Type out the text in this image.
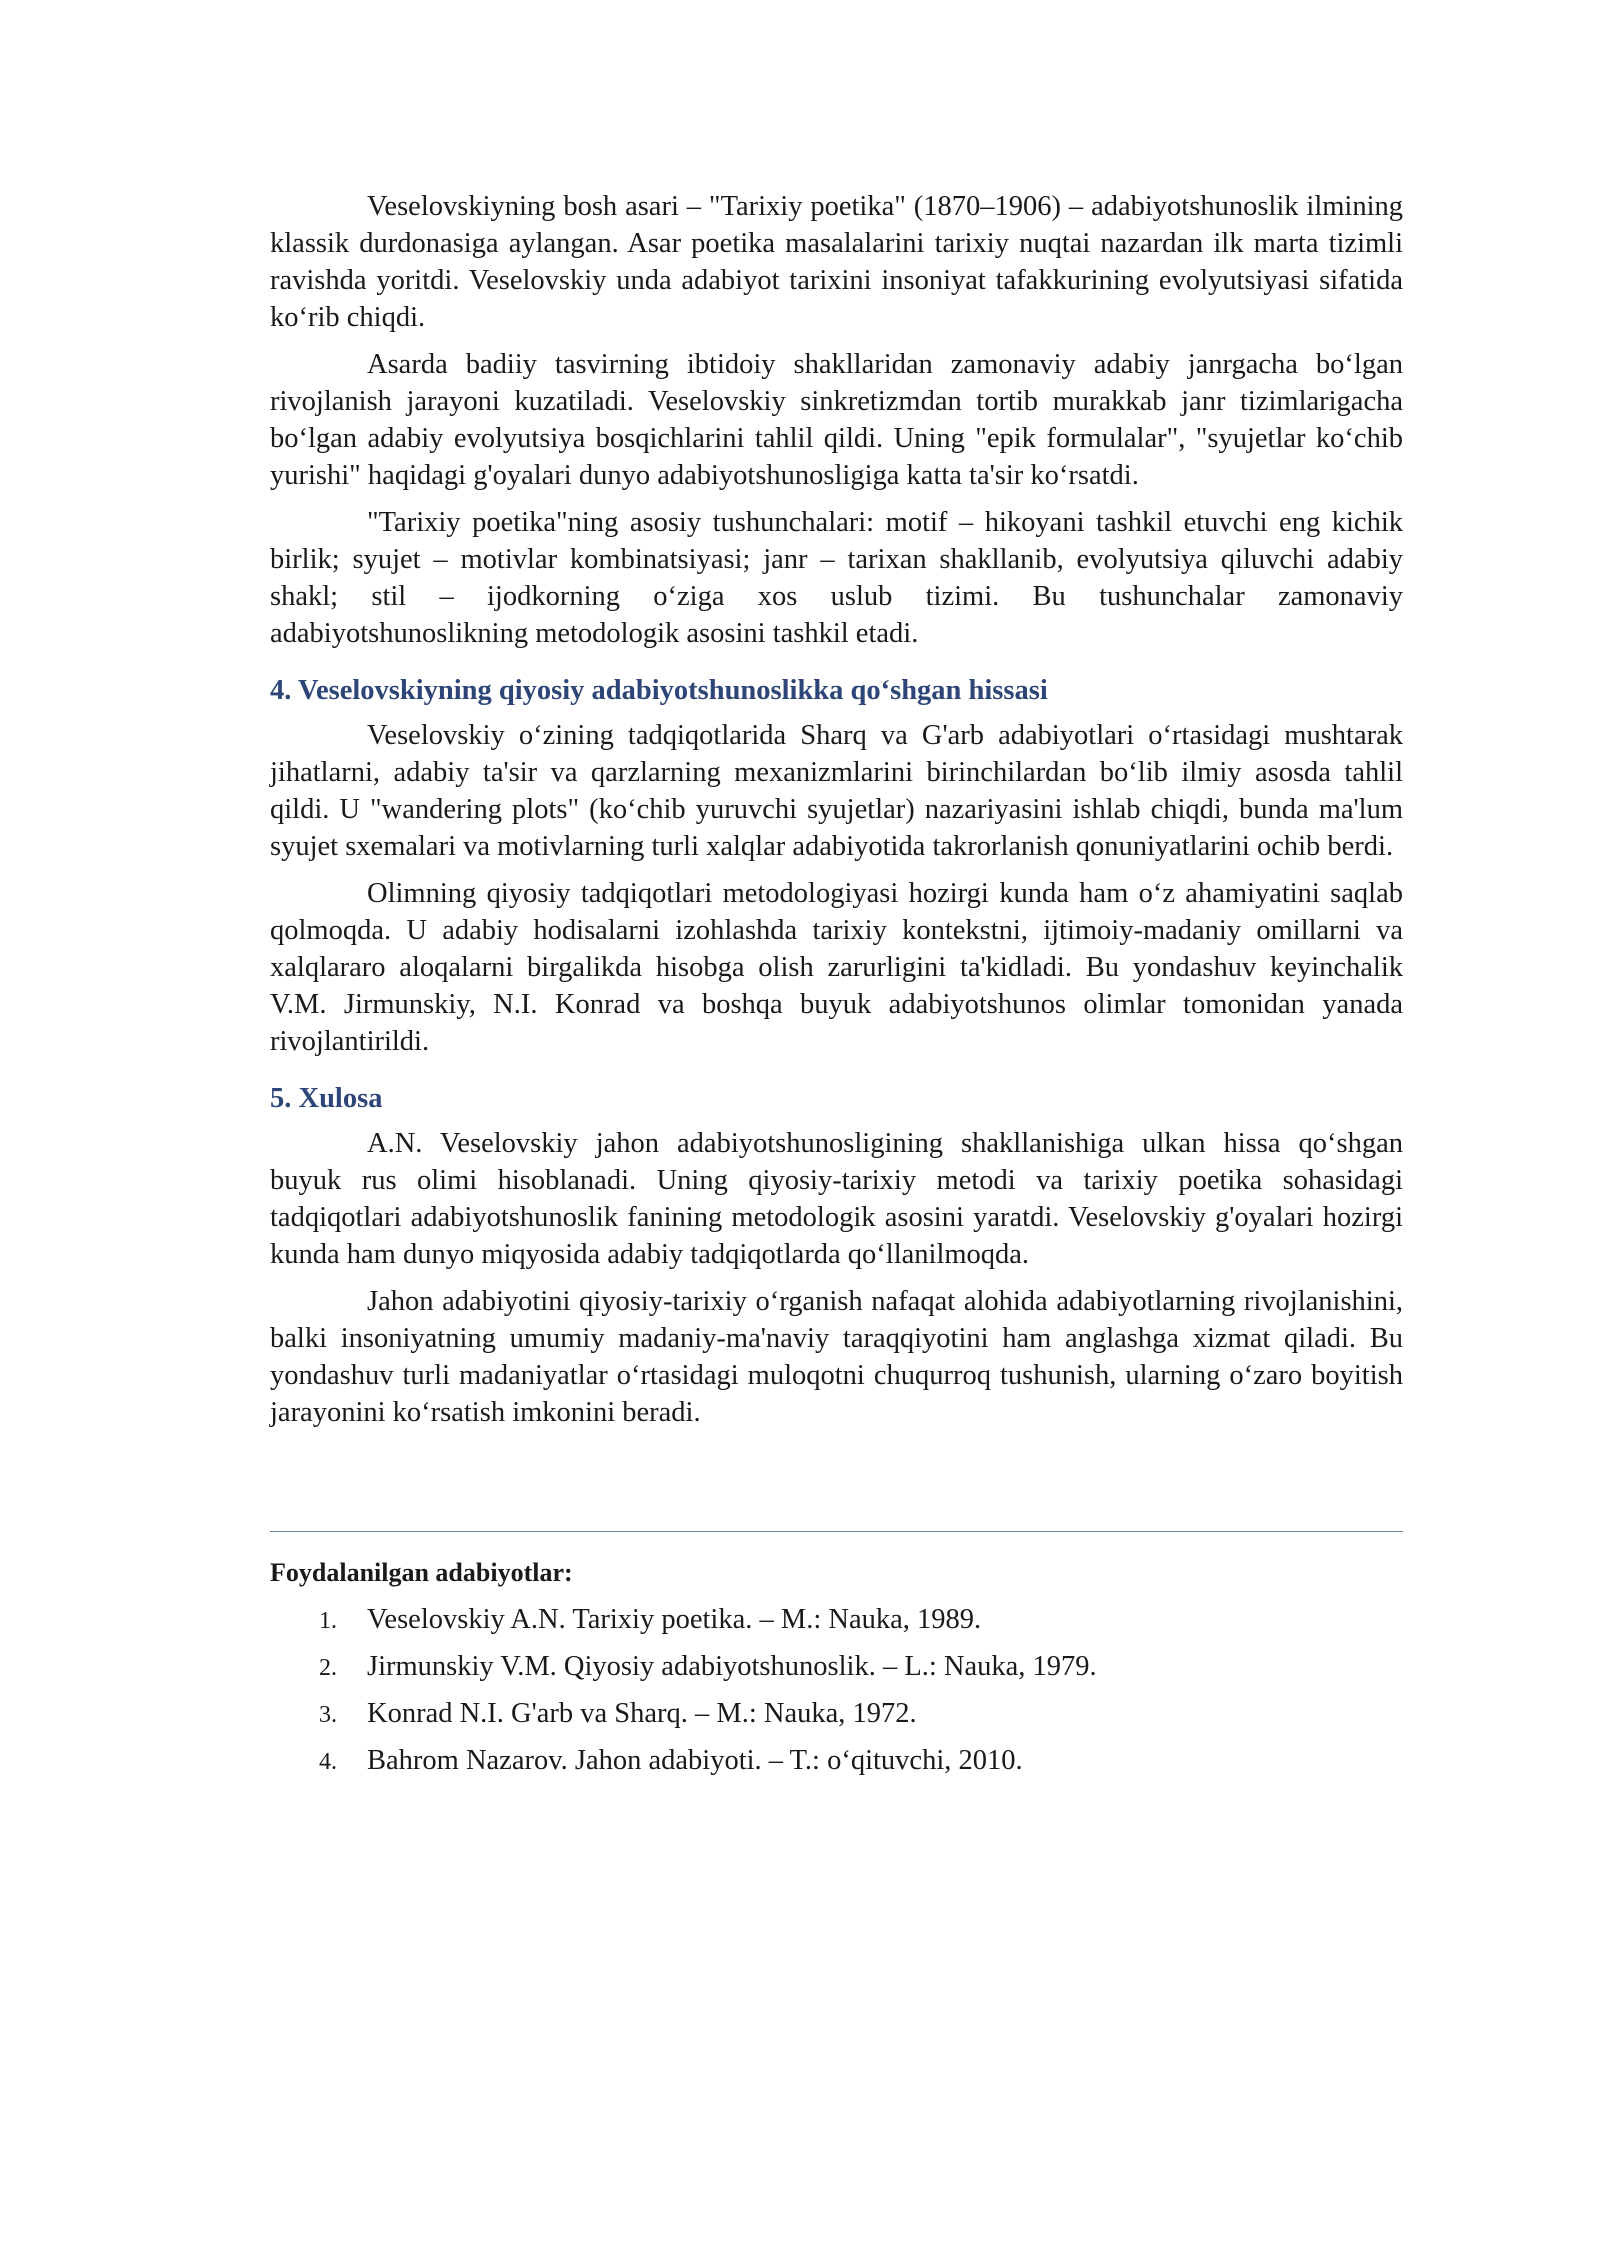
Veselovskiyning bosh asari – "Tarixiy poetika" (1870–1906) – adabiyotshunoslik ilmining klassik durdonasiga aylangan. Asar poetika masalalarini tarixiy nuqtai nazardan ilk marta tizimli ravishda yoritdi. Veselovskiy unda adabiyot tarixini insoniyat tafakkurining evolyutsiyasi sifatida ko‘rib chiqdi.

Asarda badiiy tasvirning ibtidoiy shakllaridan zamonaviy adabiy janrgacha bo‘lgan rivojlanish jarayoni kuzatiladi. Veselovskiy sinkretizmdan tortib murakkab janr tizimlarigacha bo‘lgan adabiy evolyutsiya bosqichlarini tahlil qildi. Uning "epik formulalar", "syujetlar ko‘chib yurishi" haqidagi g'oyalari dunyo adabiyotshunosligiga katta ta'sir ko‘rsatdi.

"Tarixiy poetika"ning asosiy tushunchalari: motif – hikoyani tashkil etuvchi eng kichik birlik; syujet – motivlar kombinatsiyasi; janr – tarixan shakllanib, evolyutsiya qiluvchi adabiy shakl; stil – ijodkorning o‘ziga xos uslub tizimi. Bu tushunchalar zamonaviy adabiyotshunoslikning metodologik asosini tashkil etadi.

4. Veselovskiyning qiyosiy adabiyotshunoslikka qo‘shgan hissasi

Veselovskiy o‘zining tadqiqotlarida Sharq va G'arb adabiyotlari o‘rtasidagi mushtarak jihatlarni, adabiy ta'sir va qarzlarning mexanizmlarini birinchilardan bo‘lib ilmiy asosda tahlil qildi. U "wandering plots" (ko‘chib yuruvchi syujetlar) nazariyasini ishlab chiqdi, bunda ma'lum syujet sxemalari va motivlarning turli xalqlar adabiyotida takrorlanish qonuniyatlarini ochib berdi.

Olimning qiyosiy tadqiqotlari metodologiyasi hozirgi kunda ham o‘z ahamiyatini saqlab qolmoqda. U adabiy hodisalarni izohlashda tarixiy kontekstni, ijtimoiy-madaniy omillarni va xalqlararo aloqalarni birgalikda hisobga olish zarurligini ta'kidladi. Bu yondashuv keyinchalik V.M. Jirmunskiy, N.I. Konrad va boshqa buyuk adabiyotshunos olimlar tomonidan yanada rivojlantirildi.

5. Xulosa

A.N. Veselovskiy jahon adabiyotshunosligining shakllanishiga ulkan hissa qo‘shgan buyuk rus olimi hisoblanadi. Uning qiyosiy-tarixiy metodi va tarixiy poetika sohasidagi tadqiqotlari adabiyotshunoslik fanining metodologik asosini yaratdi. Veselovskiy g'oyalari hozirgi kunda ham dunyo miqyosida adabiy tadqiqotlarda qo‘llanilmoqda.

Jahon adabiyotini qiyosiy-tarixiy o‘rganish nafaqat alohida adabiyotlarning rivojlanishini, balki insoniyatning umumiy madaniy-ma'naviy taraqqiyotini ham anglashga xizmat qiladi. Bu yondashuv turli madaniyatlar o‘rtasidagi muloqotni chuqurroq tushunish, ularning o‘zaro boyitish jarayonini ko‘rsatish imkonini beradi.

Foydalanilgan adabiyotlar:
1.	Veselovskiy A.N. Tarixiy poetika. – M.: Nauka, 1989.
2.	Jirmunskiy V.M. Qiyosiy adabiyotshunoslik. – L.: Nauka, 1979.
3.	Konrad N.I. G'arb va Sharq. – M.: Nauka, 1972.
4.	Bahrom Nazarov. Jahon adabiyoti. – T.: o‘qituvchi, 2010.
